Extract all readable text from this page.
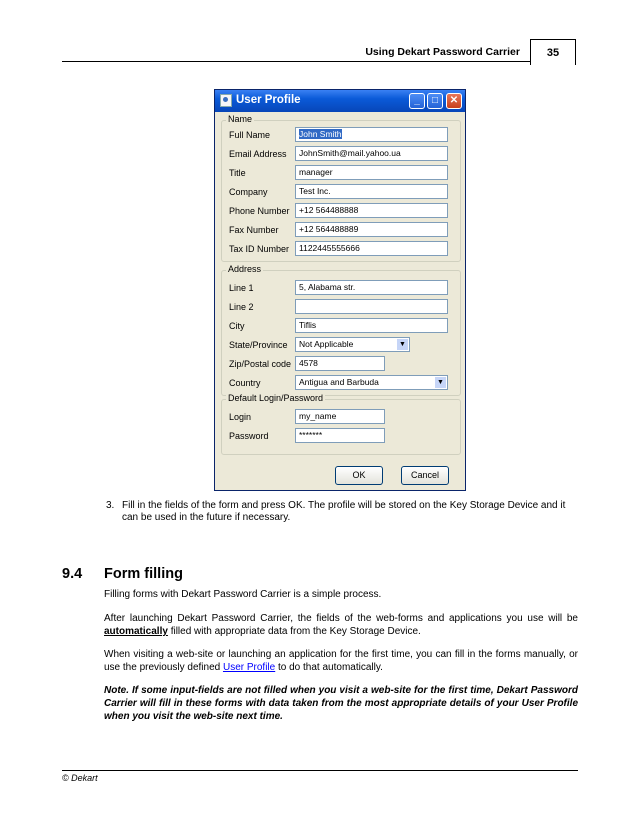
Using Dekart Password Carrier	35
User Profile	_	□	✕
Name
Full Name	John Smith
Email Address	JohnSmith@mail.yahoo.ua
Title	manager
Company	Test Inc.
Phone Number	+12 564488888
Fax Number	+12 564488889
Tax ID Number	1122445555666
Address
Line 1	5, Alabama str.
Line 2
City	Tiflis
State/Province	Not Applicable	▼
Zip/Postal code 4578
Country	Antigua and Barbuda	▼
Default Login/Password
Login	my_name
Password	*******
OK	Cancel
3. Fill in the fields of the form and press OK. The profile will be stored on the Key Storage Device and it can be used in the future if necessary.
9.4 Form filling
Filling forms with Dekart Password Carrier is a simple process.
After launching Dekart Password Carrier, the fields of the web-forms and applications you use will be automatically filled with appropriate data from the Key Storage Device.
When visiting a web-site or launching an application for the first time, you can fill in the forms manually, or use the previously defined User Profile to do that automatically.
Note. If some input-fields are not filled when you visit a web-site for the first time, Dekart Password Carrier will fill in these forms with data taken from the most appropriate details of your User Profile when you visit the web-site next time.
© Dekart
